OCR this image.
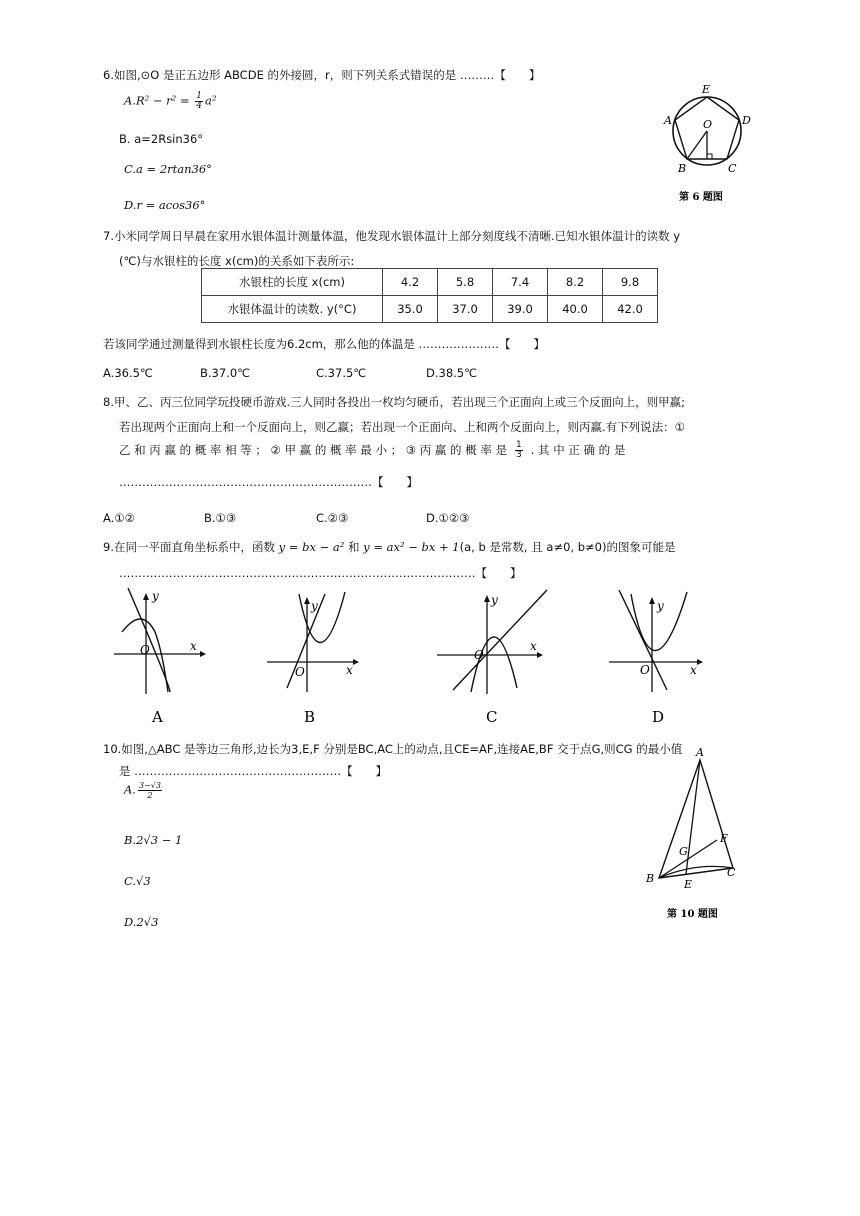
6.如图,⊙O 是正五边形 ABCDE 的外接圆，r，则下列关系式错误的是 ………【　　】
$A.R^2 - r^2 = \frac{1}{4} a^2$
B. a=2Rsin36°
C.a = 2rtan36°
D.r = acos36°
E
A	D
O
B	C
第 6 题图
7.小米同学周日早晨在家用水银体温计测量体温，他发现水银体温计上部分刻度线不清晰.已知水银体温计的读数 y
(℃)与水银柱的长度 x(cm)的关系如下表所示:
水银柱的长度 x(cm)	4.2	5.8	7.4	8.2	9.8
水银体温计的读数. y(°C)	35.0	37.0	39.0	40.0	42.0
若该同学通过测量得到水银柱长度为6.2cm，那么他的体温是 …………………【　　】
A.36.5℃	B.37.0℃	C.37.5℃	D.38.5℃
8.甲、乙、丙三位同学玩投硬币游戏.三人同时各投出一枚均匀硬币，若出现三个正面向上或三个反面向上，则甲赢;
若出现两个正面向上和一个反面向上，则乙赢；若出现一个正面向、上和两个反面向上，则丙赢.有下列说法：①
乙 和 丙 赢 的 概 率 相 等 ； ② 甲 赢 的 概 率 最 小 ； ③ 丙 赢 的 概 率 是 $\frac{1}{3}$ . 其 中 正 确 的 是
…………………………………………………………【　　】
A.①②	B.①③	C.②③	D.①②③
9.在同一平面直角坐标系中，函数 y = bx − a² 和 y = ax² − bx + 1(a, b 是常数, 且 a≠0, b≠0)的图象可能是
…………………………………………………………………………………【　　】
y
x
O
A
y
x
O
B
y
x
O
C
y
x
O
D
10.如图,△ABC 是等边三角形,边长为3,E,F 分别是BC,AC上的动点,且CE=AF,连接AE,BF 交于点G,则CG 的最小值
是 ………………………………………………【　　】
A. $\frac{3-√3}{2}$
B.2√3 − 1
C.√3
D.2√3
A
F
G
B	C
E
第 10 题图
